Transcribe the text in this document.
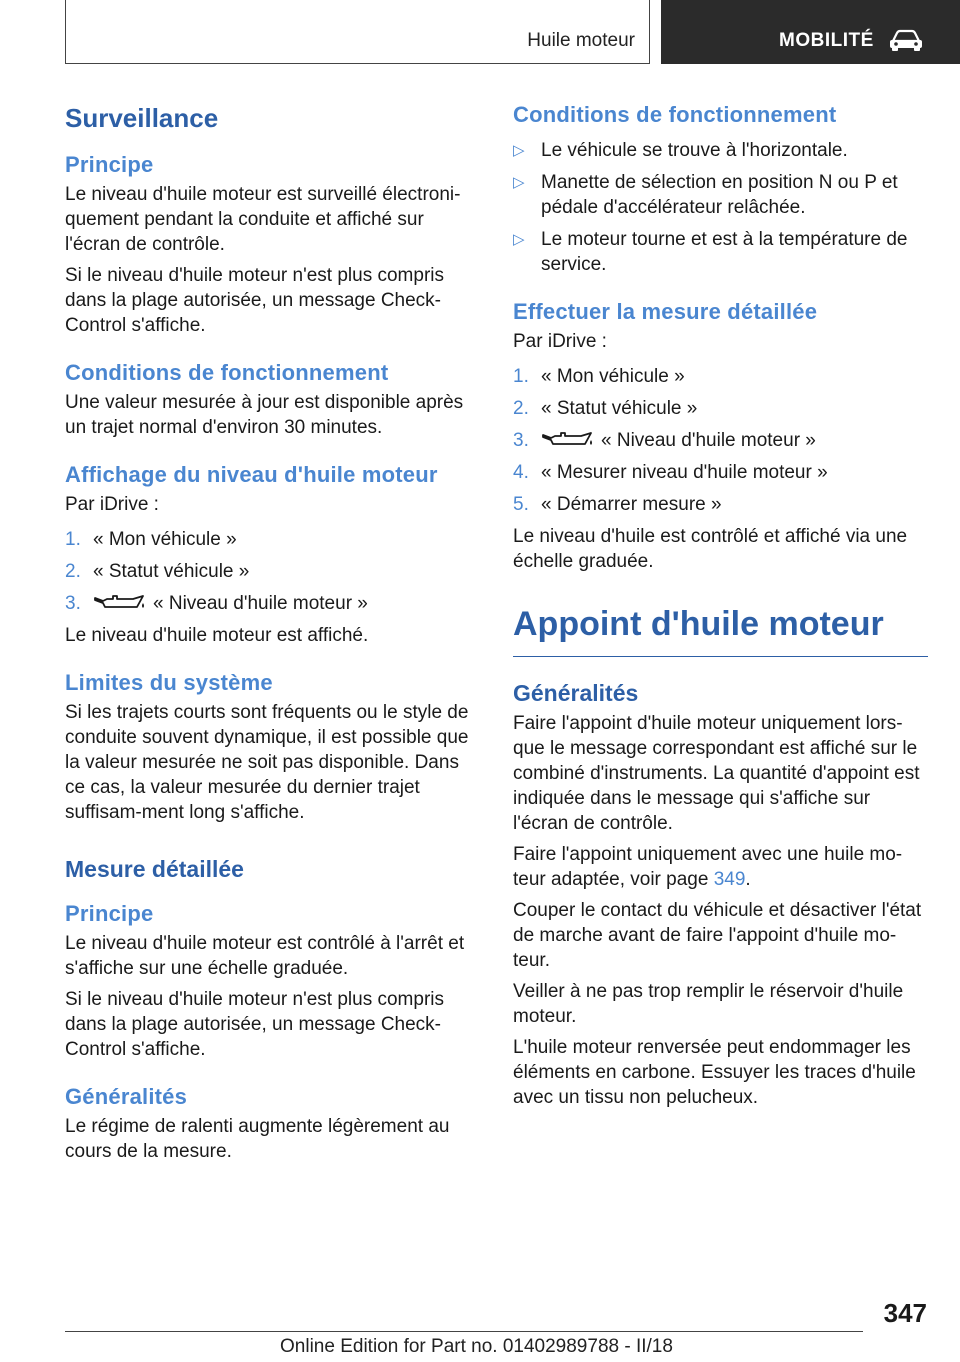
Huile moteur	MOBILITÉ
Surveillance
Principe
Le niveau d'huile moteur est surveillé électroni-quement pendant la conduite et affiché sur l'écran de contrôle.
Si le niveau d'huile moteur n'est plus compris dans la plage autorisée, un message Check-Control s'affiche.
Conditions de fonctionnement
Une valeur mesurée à jour est disponible après un trajet normal d'environ 30 minutes.
Affichage du niveau d'huile moteur
Par iDrive :
1. « Mon véhicule »
2. « Statut véhicule »
3.	« Niveau d'huile moteur »
Le niveau d'huile moteur est affiché.
Limites du système
Si les trajets courts sont fréquents ou le style de conduite souvent dynamique, il est possible que la valeur mesurée ne soit pas disponible. Dans ce cas, la valeur mesurée du dernier trajet suffisam-ment long s'affiche.
Mesure détaillée
Principe
Le niveau d'huile moteur est contrôlé à l'arrêt et s'affiche sur une échelle graduée.
Si le niveau d'huile moteur n'est plus compris dans la plage autorisée, un message Check-Control s'affiche.
Généralités
Le régime de ralenti augmente légèrement au cours de la mesure.
Conditions de fonctionnement
▷ Le véhicule se trouve à l'horizontale.
▷ Manette de sélection en position N ou P et pédale d'accélérateur relâchée.
▷ Le moteur tourne et est à la température de service.
Effectuer la mesure détaillée
Par iDrive :
1. « Mon véhicule »
2. « Statut véhicule »
3.	« Niveau d'huile moteur »
4. « Mesurer niveau d'huile moteur »
5. « Démarrer mesure »
Le niveau d'huile est contrôlé et affiché via une échelle graduée.
Appoint d'huile moteur
Généralités
Faire l'appoint d'huile moteur uniquement lors-que le message correspondant est affiché sur le combiné d'instruments. La quantité d'appoint est indiquée dans le message qui s'affiche sur l'écran de contrôle.
Faire l'appoint uniquement avec une huile mo-teur adaptée, voir page 349.
Couper le contact du véhicule et désactiver l'état de marche avant de faire l'appoint d'huile mo-teur.
Veiller à ne pas trop remplir le réservoir d'huile moteur.
L'huile moteur renversée peut endommager les éléments en carbone. Essuyer les traces d'huile avec un tissu non pelucheux.
347
Online Edition for Part no. 01402989788 - II/18
